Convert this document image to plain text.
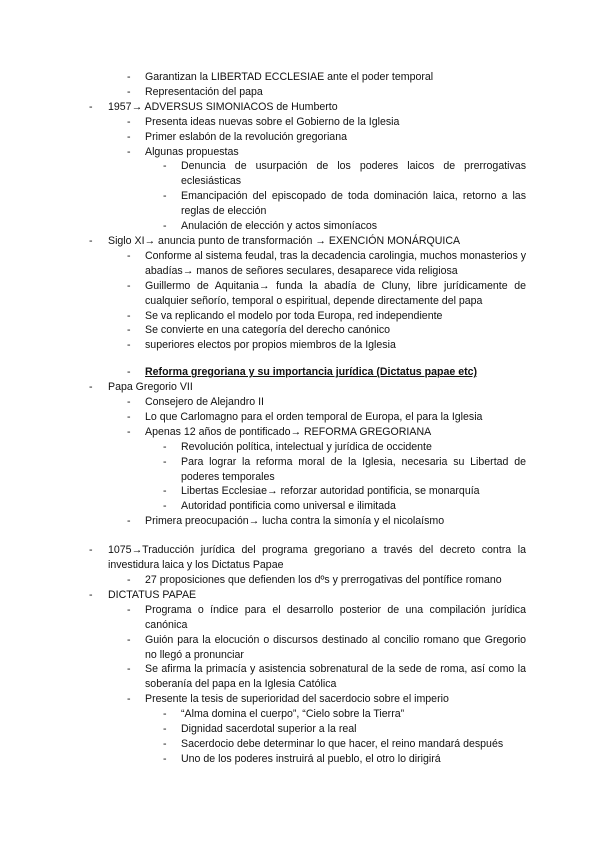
- Garantizan la LIBERTAD ECCLESIAE ante el poder temporal
- Representación del papa
- 1957→ ADVERSUS SIMONIACOS de Humberto
- Presenta ideas nuevas sobre el Gobierno de la Iglesia
- Primer eslabón de la revolución gregoriana
- Algunas propuestas
- Denuncia de usurpación de los poderes laicos de prerrogativas eclesiásticas
- Emancipación del episcopado de toda dominación laica, retorno a las reglas de elección
- Anulación de elección y actos simoníacos
- Siglo XI→ anuncia punto de transformación → EXENCIÓN MONÁRQUICA
- Conforme al sistema feudal, tras la decadencia carolingia, muchos monasterios y abadías→ manos de señores seculares, desaparece vida religiosa
- Guillermo de Aquitania→ funda la abadía de Cluny, libre jurídicamente de cualquier señorío, temporal o espiritual, depende directamente del papa
- Se va replicando el modelo por toda Europa, red independiente
- Se convierte en una categoría del derecho canónico
- superiores electos por propios miembros de la Iglesia
- Reforma gregoriana y su importancia jurídica (Dictatus papae etc)
- Papa Gregorio VII
- Consejero de Alejandro II
- Lo que Carlomagno para el orden temporal de Europa, el para la Iglesia
- Apenas 12 años de pontificado→ REFORMA GREGORIANA
- Revolución política, intelectual y jurídica de occidente
- Para lograr la reforma moral de la Iglesia, necesaria su Libertad de poderes temporales
- Libertas Ecclesiae→ reforzar autoridad pontificia, se monarquía
- Autoridad pontificia como universal e ilimitada
- Primera preocupación→ lucha contra la simonía y el nicolaísmo
- 1075→Traducción jurídica del programa gregoriano a través del decreto contra la investidura laica y los Dictatus Papae
- 27 proposiciones que defienden los dºs y prerrogativas del pontífice romano
- DICTATUS PAPAE
- Programa o índice para el desarrollo posterior de una compilación jurídica canónica
- Guión para la elocución o discursos destinado al concilio romano que Gregorio no llegó a pronunciar
- Se afirma la primacía y asistencia sobrenatural de la sede de roma, así como la soberanía del papa en la Iglesia Católica
- Presente la tesis de superioridad del sacerdocio sobre el imperio
- “Alma domina el cuerpo”, “Cielo sobre la Tierra”
- Dignidad sacerdotal superior a la real
- Sacerdocio debe determinar lo que hacer, el reino mandará después
- Uno de los poderes instruirá al pueblo, el otro lo dirigirá
